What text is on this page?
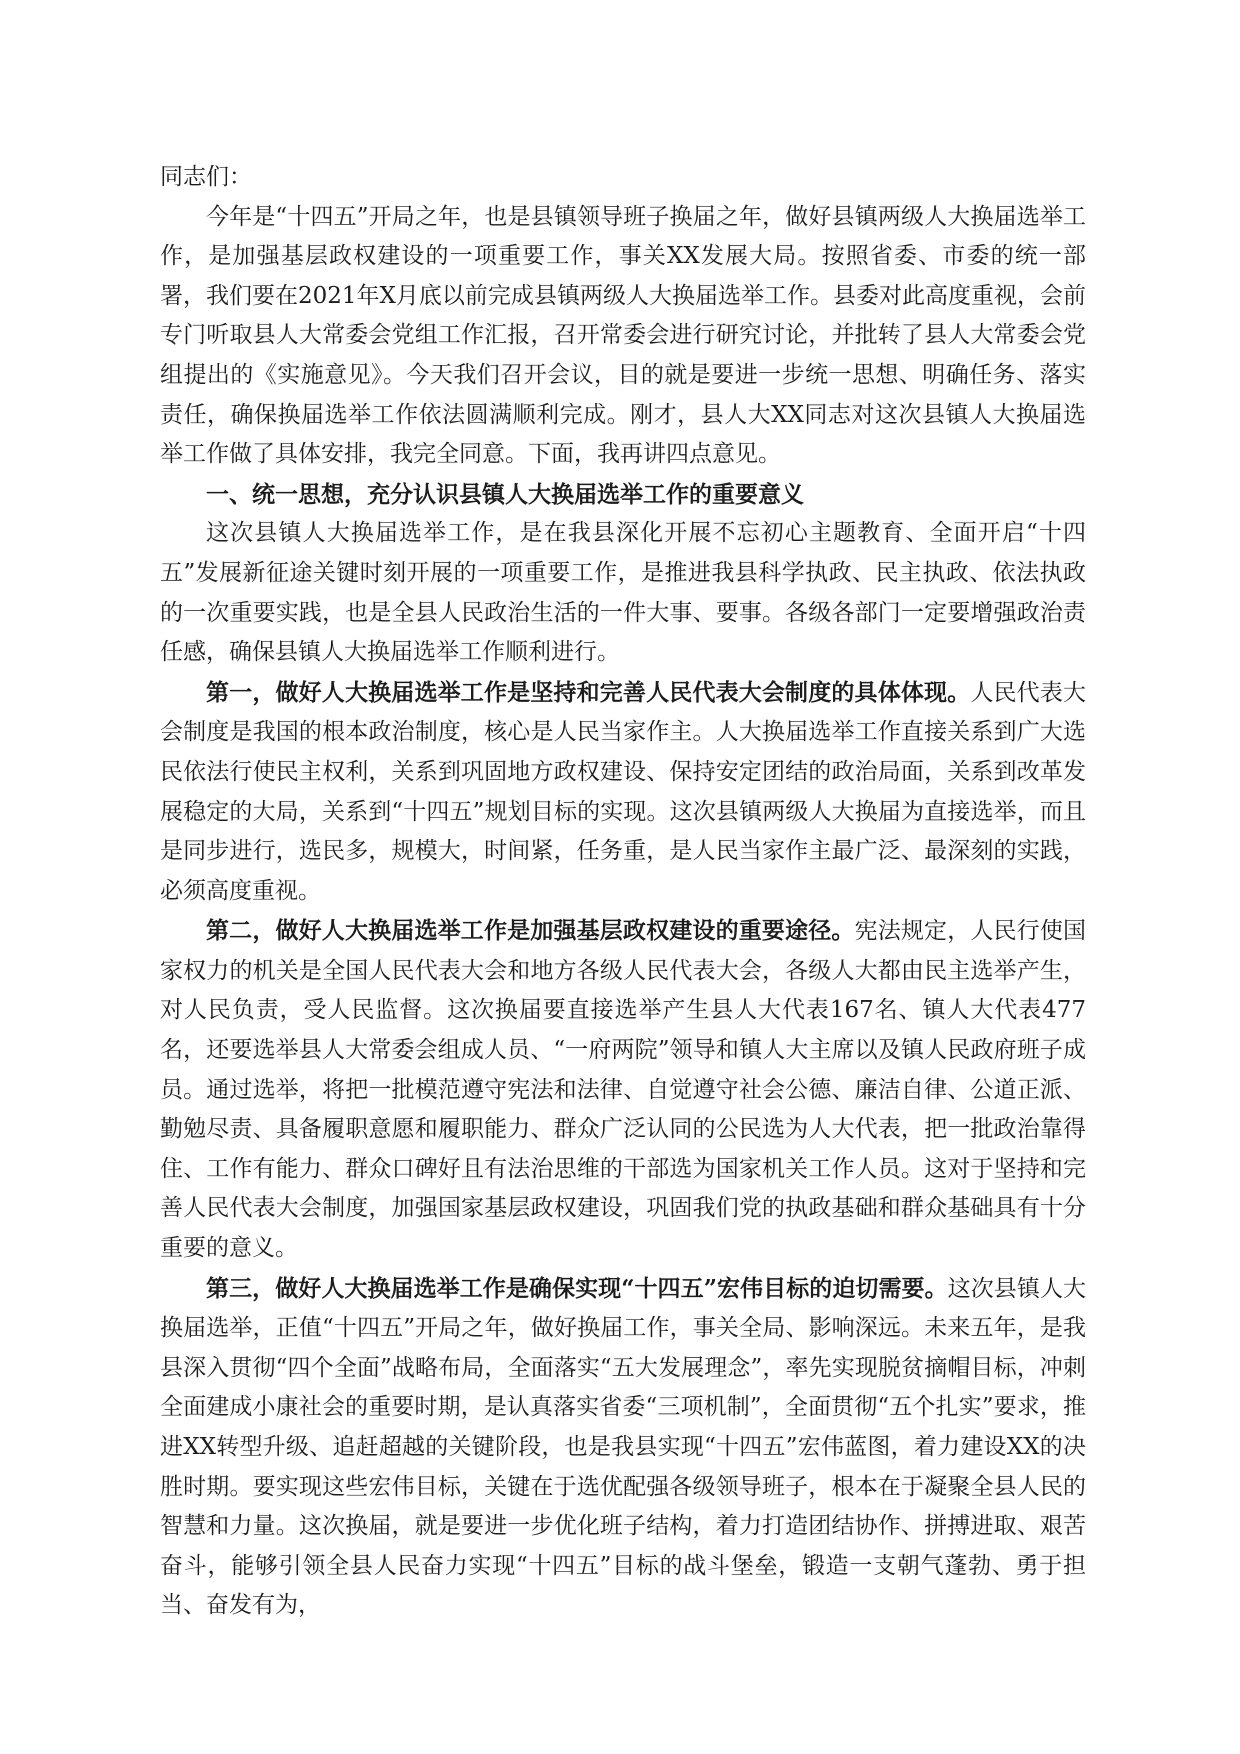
同志们：

今年是“十四五”开局之年，也是县镇领导班子换届之年，做好县镇两级人大换届选举工作，是加强基层政权建设的一项重要工作，事关XX发展大局。按照省委、市委的统一部署，我们要在2021年X月底以前完成县镇两级人大换届选举工作。县委对此高度重视，会前专门听取县人大常委会党组工作汇报，召开常委会进行研究讨论，并批转了县人大常委会党组提出的《实施意见》。今天我们召开会议，目的就是要进一步统一思想、明确任务、落实责任，确保换届选举工作依法圆满顺利完成。刚才，县人大XX同志对这次县镇人大换届选举工作做了具体安排，我完全同意。下面，我再讲四点意见。

一、统一思想，充分认识县镇人大换届选举工作的重要意义

这次县镇人大换届选举工作，是在我县深化开展不忘初心主题教育、全面开启“十四五”发展新征途关键时刻开展的一项重要工作，是推进我县科学执政、民主执政、依法执政的一次重要实践，也是全县人民政治生活的一件大事、要事。各级各部门一定要增强政治责任感，确保县镇人大换届选举工作顺利进行。

第一，做好人大换届选举工作是坚持和完善人民代表大会制度的具体体现。人民代表大会制度是我国的根本政治制度，核心是人民当家作主。人大换届选举工作直接关系到广大选民依法行使民主权利，关系到巩固地方政权建设、保持安定团结的政治局面，关系到改革发展稳定的大局，关系到“十四五”规划目标的实现。这次县镇两级人大换届为直接选举，而且是同步进行，选民多，规模大，时间紧，任务重，是人民当家作主最广泛、最深刻的实践，必须高度重视。

第二，做好人大换届选举工作是加强基层政权建设的重要途径。宪法规定，人民行使国家权力的机关是全国人民代表大会和地方各级人民代表大会，各级人大都由民主选举产生，对人民负责，受人民监督。这次换届要直接选举产生县人大代表167名、镇人大代表477名，还要选举县人大常委会组成人员、“一府两院”领导和镇人大主席以及镇人民政府班子成员。通过选举，将把一批模范遵守宪法和法律、自觉遵守社会公德、廉洁自律、公道正派、勤勉尽责、具备履职意愿和履职能力、群众广泛认同的公民选为人大代表，把一批政治靠得住、工作有能力、群众口碑好且有法治思维的干部选为国家机关工作人员。这对于坚持和完善人民代表大会制度，加强国家基层政权建设，巩固我们党的执政基础和群众基础具有十分重要的意义。

第三，做好人大换届选举工作是确保实现“十四五”宏伟目标的迫切需要。这次县镇人大换届选举，正值“十四五”开局之年，做好换届工作，事关全局、影响深远。未来五年，是我县深入贯彻“四个全面”战略布局，全面落实“五大发展理念”，率先实现脱贫摘帽目标，冲刺全面建成小康社会的重要时期，是认真落实省委“三项机制”，全面贯彻“五个扎实”要求，推进XX转型升级、追赶超越的关键阶段，也是我县实现“十四五”宏伟蓝图，着力建设XX的决胜时期。要实现这些宏伟目标，关键在于选优配强各级领导班子，根本在于凝聚全县人民的智慧和力量。这次换届，就是要进一步优化班子结构，着力打造团结协作、拼搏进取、艰苦奋斗，能够引领全县人民奋力实现“十四五”目标的战斗堡垒，锻造一支朝气蓬勃、勇于担当、奋发有为，
